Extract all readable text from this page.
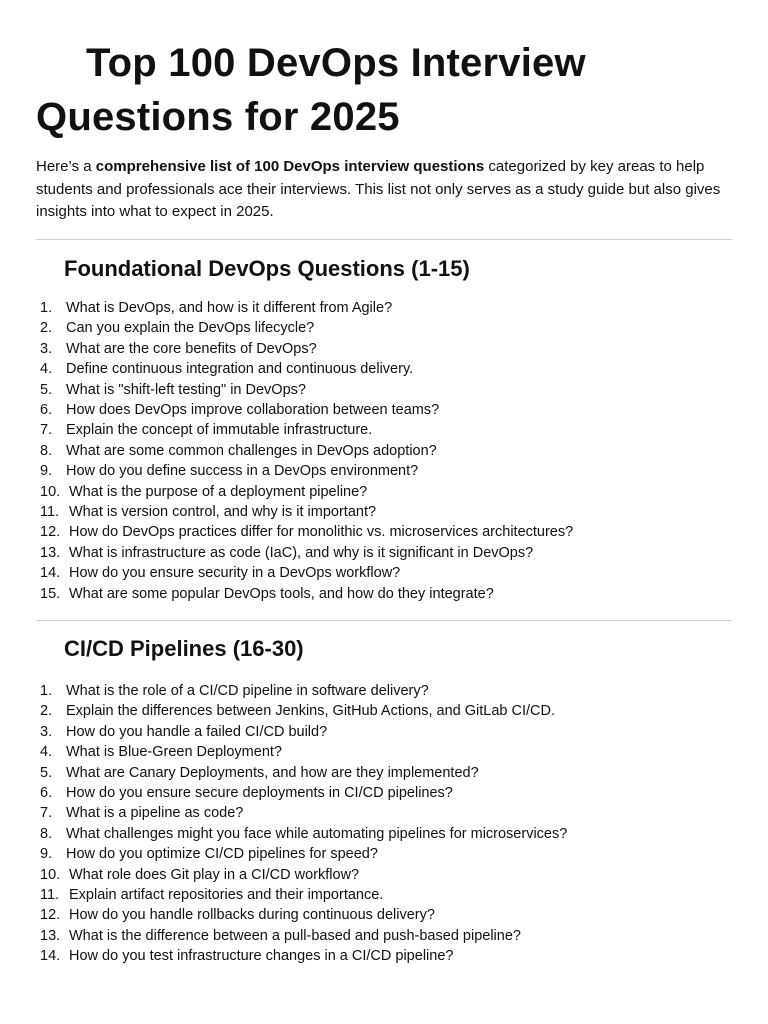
Top 100 DevOps Interview
Questions for 2025

Here’s a comprehensive list of 100 DevOps interview questions categorized by key areas to help students and professionals ace their interviews. This list not only serves as a study guide but also gives insights into what to expect in 2025.

Foundational DevOps Questions (1-15)
1. What is DevOps, and how is it different from Agile?
2. Can you explain the DevOps lifecycle?
3. What are the core benefits of DevOps?
4. Define continuous integration and continuous delivery.
5. What is "shift-left testing" in DevOps?
6. How does DevOps improve collaboration between teams?
7. Explain the concept of immutable infrastructure.
8. What are some common challenges in DevOps adoption?
9. How do you define success in a DevOps environment?
10. What is the purpose of a deployment pipeline?
11. What is version control, and why is it important?
12. How do DevOps practices differ for monolithic vs. microservices architectures?
13. What is infrastructure as code (IaC), and why is it significant in DevOps?
14. How do you ensure security in a DevOps workflow?
15. What are some popular DevOps tools, and how do they integrate?
CI/CD Pipelines (16-30)
1. What is the role of a CI/CD pipeline in software delivery?
2. Explain the differences between Jenkins, GitHub Actions, and GitLab CI/CD.
3. How do you handle a failed CI/CD build?
4. What is Blue-Green Deployment?
5. What are Canary Deployments, and how are they implemented?
6. How do you ensure secure deployments in CI/CD pipelines?
7. What is a pipeline as code?
8. What challenges might you face while automating pipelines for microservices?
9. How do you optimize CI/CD pipelines for speed?
10. What role does Git play in a CI/CD workflow?
11. Explain artifact repositories and their importance.
12. How do you handle rollbacks during continuous delivery?
13. What is the difference between a pull-based and push-based pipeline?
14. How do you test infrastructure changes in a CI/CD pipeline?
